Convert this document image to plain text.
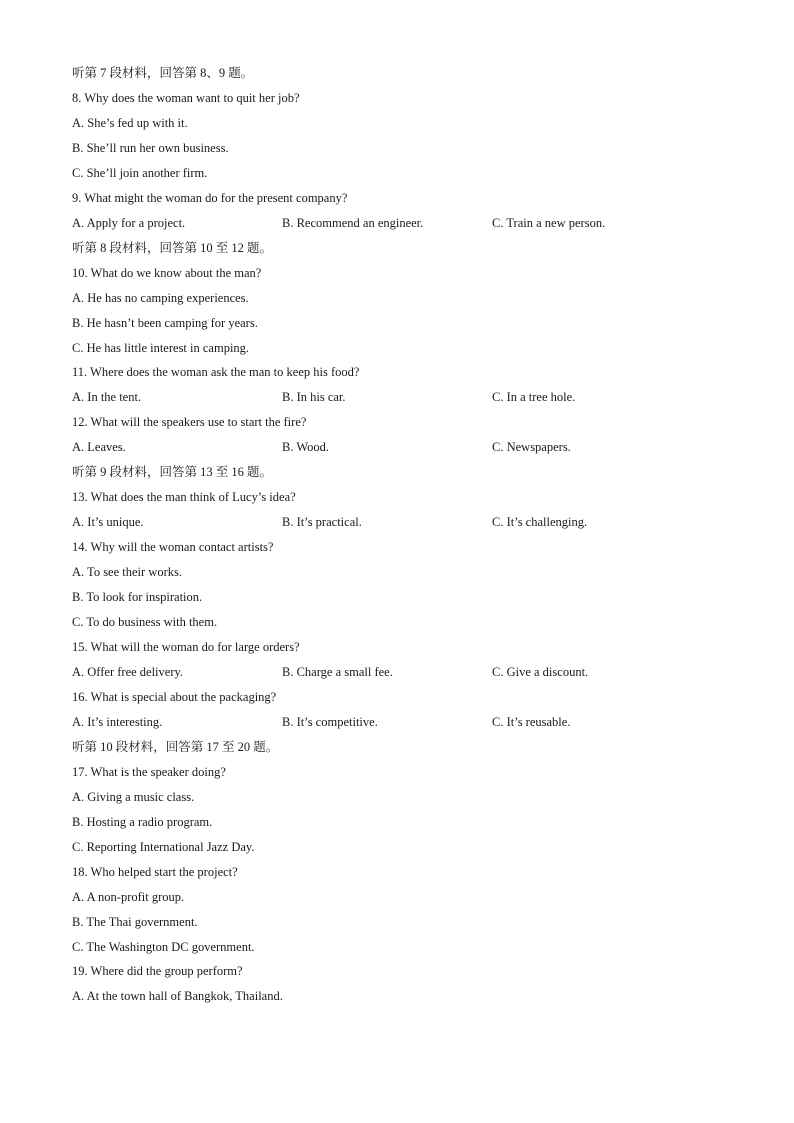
听第 7 段材料，回答第 8、9 题。
8. Why does the woman want to quit her job?
A. She’s fed up with it.
B. She’ll run her own business.
C. She’ll join another firm.
9. What might the woman do for the present company?
A. Apply for a project.	B. Recommend an engineer.	C. Train a new person.
听第 8 段材料，回答第 10 至 12 题。
10. What do we know about the man?
A. He has no camping experiences.
B. He hasn’t been camping for years.
C. He has little interest in camping.
11. Where does the woman ask the man to keep his food?
A. In the tent.	B. In his car.	C. In a tree hole.
12. What will the speakers use to start the fire?
A. Leaves.	B. Wood.	C. Newspapers.
听第 9 段材料，回答第 13 至 16 题。
13. What does the man think of Lucy’s idea?
A. It’s unique.	B. It’s practical.	C. It’s challenging.
14. Why will the woman contact artists?
A. To see their works.
B. To look for inspiration.
C. To do business with them.
15. What will the woman do for large orders?
A. Offer free delivery.	B. Charge a small fee.	C. Give a discount.
16. What is special about the packaging?
A. It’s interesting.	B. It’s competitive.	C. It’s reusable.
听第 10 段材料，回答第 17 至 20 题。
17. What is the speaker doing?
A. Giving a music class.
B. Hosting a radio program.
C. Reporting International Jazz Day.
18. Who helped start the project?
A. A non-profit group.
B. The Thai government.
C. The Washington DC government.
19. Where did the group perform?
A. At the town hall of Bangkok, Thailand.
